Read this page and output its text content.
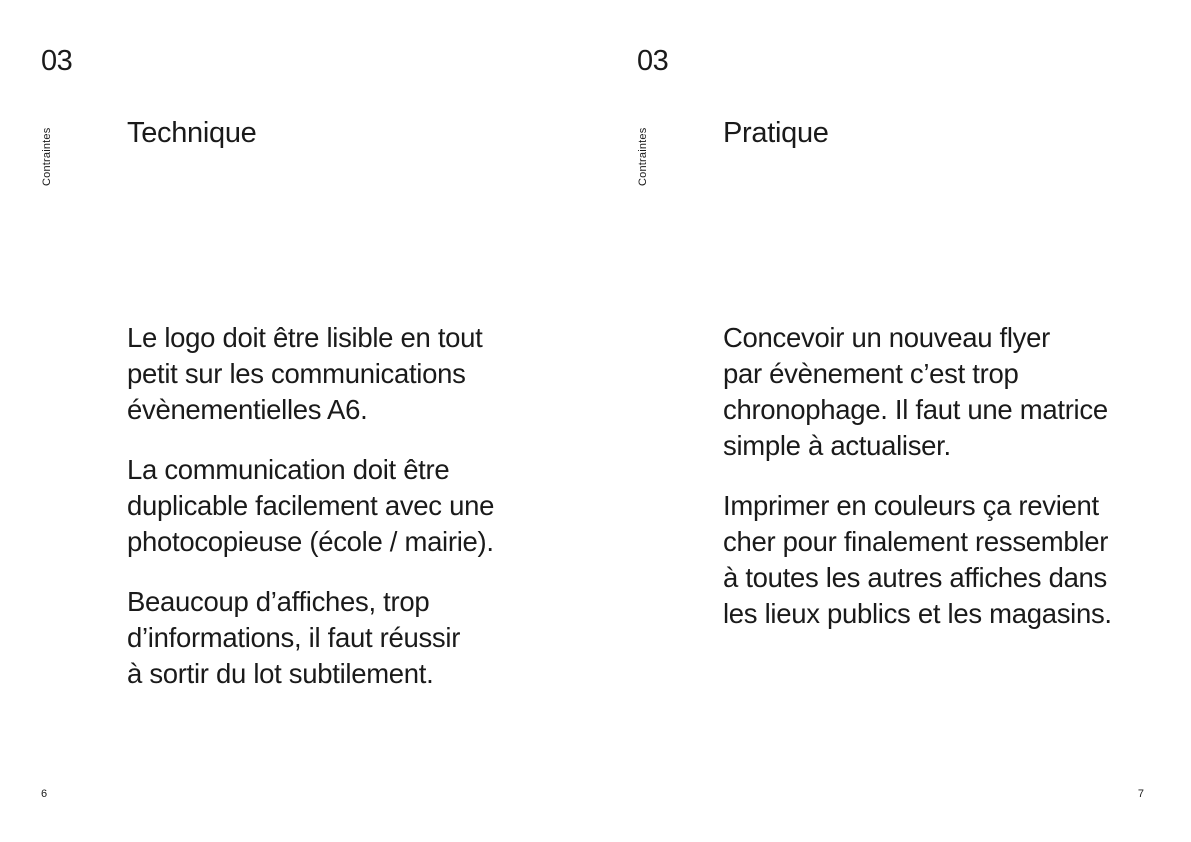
03
Contraintes	Technique

Le logo doit être lisible en tout
petit sur les communications
évènementielles A6.

La communication doit être
duplicable facilement avec une
photocopieuse (école / mairie).

Beaucoup d’affiches, trop
d’informations, il faut réussir
à sortir du lot subtilement.

6
03
Contraintes	Pratique

Concevoir un nouveau flyer
par évènement c’est trop
chronophage. Il faut une matrice
simple à actualiser.

Imprimer en couleurs ça revient
cher pour finalement ressembler
à toutes les autres affiches dans
les lieux publics et les magasins.

7
